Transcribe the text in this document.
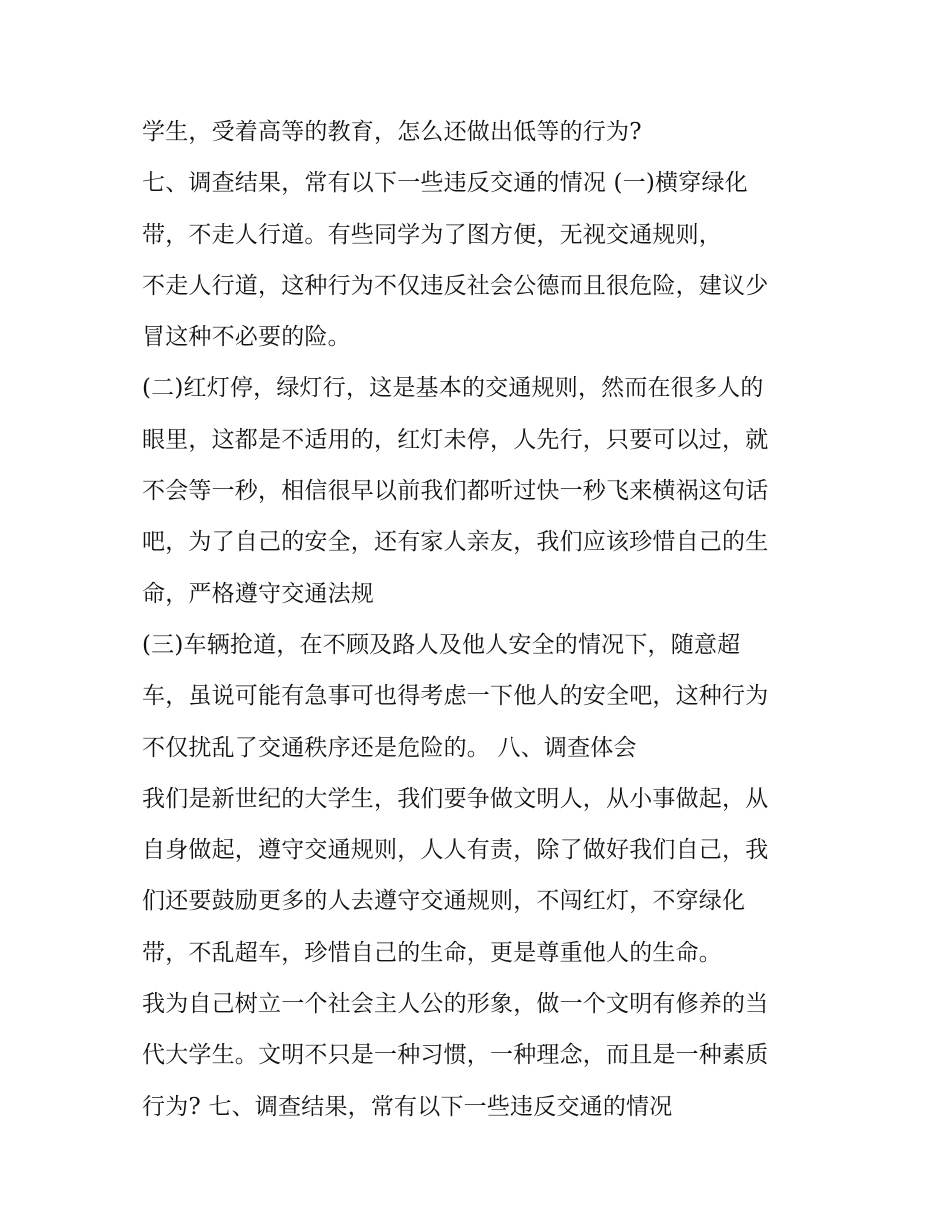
学生，受着高等的教育，怎么还做出低等的行为?
七、调查结果，常有以下一些违反交通的情况 (一)横穿绿化
带，不走人行道。有些同学为了图方便，无视交通规则，
不走人行道，这种行为不仅违反社会公德而且很危险，建议少
冒这种不必要的险。
(二)红灯停，绿灯行，这是基本的交通规则，然而在很多人的
眼里，这都是不适用的，红灯未停，人先行，只要可以过，就
不会等一秒，相信很早以前我们都听过快一秒飞来横祸这句话
吧，为了自己的安全，还有家人亲友，我们应该珍惜自己的生
命，严格遵守交通法规
(三)车辆抢道，在不顾及路人及他人安全的情况下，随意超
车，虽说可能有急事可也得考虑一下他人的安全吧，这种行为
不仅扰乱了交通秩序还是危险的。 八、调查体会
我们是新世纪的大学生，我们要争做文明人，从小事做起，从
自身做起，遵守交通规则，人人有责，除了做好我们自己，我
们还要鼓励更多的人去遵守交通规则，不闯红灯，不穿绿化
带，不乱超车，珍惜自己的生命，更是尊重他人的生命。
我为自己树立一个社会主人公的形象，做一个文明有修养的当
代大学生。文明不只是一种习惯，一种理念，而且是一种素质
行为? 七、调查结果，常有以下一些违反交通的情况
